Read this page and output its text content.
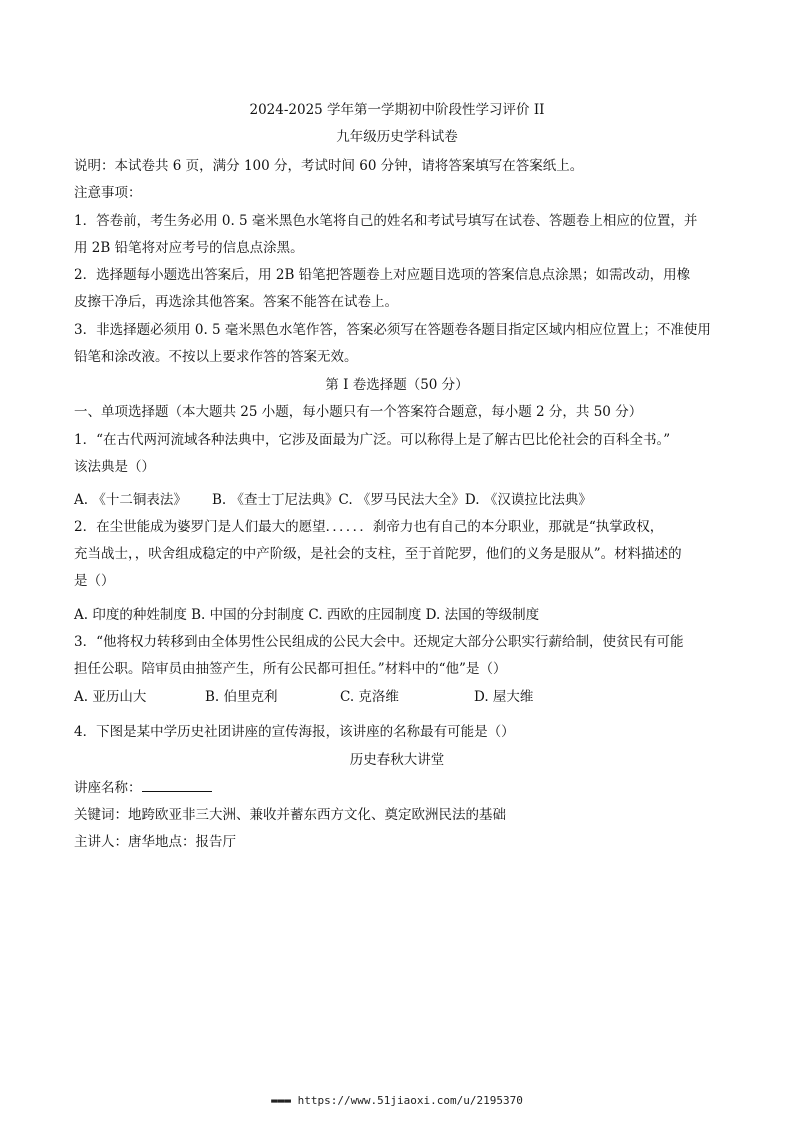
2024-2025 学年第一学期初中阶段性学习评价 II
九年级历史学科试卷
说明：本试卷共 6 页，满分 100 分，考试时间 60 分钟，请将答案填写在答案纸上。
注意事项：
1．答卷前，考生务必用 0. 5 毫米黑色水笔将自己的姓名和考试号填写在试卷、答题卷上相应的位置，并
用 2B 铅笔将对应考号的信息点涂黑。
2．选择题每小题选出答案后，用 2B 铅笔把答题卷上对应题目选项的答案信息点涂黑；如需改动，用橡
皮擦干净后，再选涂其他答案。答案不能答在试卷上。
3．非选择题必须用 0. 5 毫米黑色水笔作答，答案必须写在答题卷各题目指定区域内相应位置上；不准使用
铅笔和涂改液。不按以上要求作答的答案无效。
第 I 卷选择题（50 分）
一、单项选择题（本大题共 25 小题，每小题只有一个答案符合题意，每小题 2 分，共 50 分）
1．“在古代两河流域各种法典中，它涉及面最为广泛。可以称得上是了解古巴比伦社会的百科全书。”
该法典是（）
A. 《十二铜表法》 B. 《查士丁尼法典》C. 《罗马民法大全》D. 《汉谟拉比法典》
2．在尘世能成为婆罗门是人们最大的愿望．．．．．．刹帝力也有自己的本分职业，那就是“执掌政权，
充当战士，，吠舍组成稳定的中产阶级，是社会的支柱，至于首陀罗，他们的义务是服从”。材料描述的
是（）
A. 印度的种姓制度 B. 中国的分封制度 C. 西欧的庄园制度 D. 法国的等级制度
3．“他将权力转移到由全体男性公民组成的公民大会中。还规定大部分公职实行薪给制，使贫民有可能
担任公职。陪审员由抽签产生，所有公民都可担任。”材料中的“他”是（）
A. 亚历山大	B. 伯里克利	C. 克洛维	D. 屋大维
4．下图是某中学历史社团讲座的宣传海报，该讲座的名称最有可能是（）
历史春秋大讲堂
讲座名称：
关键词：地跨欧亚非三大洲、兼收并蓄东西方文化、奠定欧洲民法的基础
主讲人：唐华地点：报告厅
▬▬▬ https://www.51jiaoxi.com/u/2195370
